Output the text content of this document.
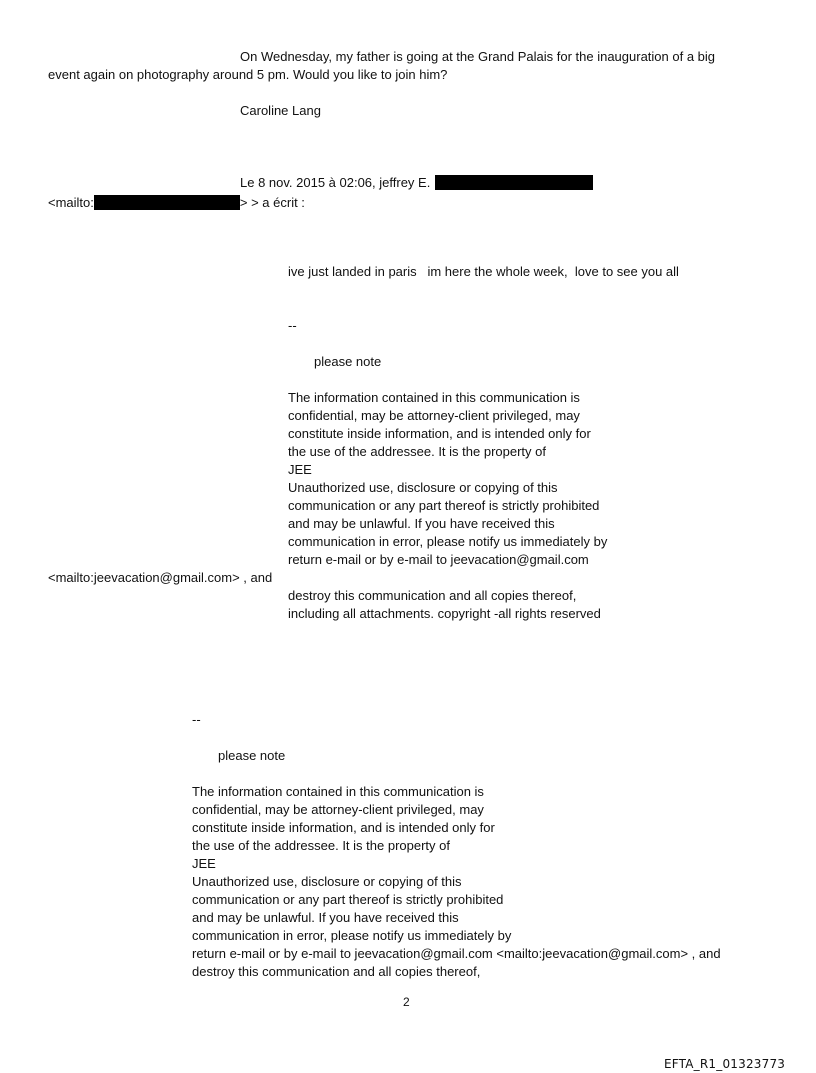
On Wednesday, my father is going at the Grand Palais for the inauguration of a big
event again on photography around 5 pm. Would you like to join him?
Caroline Lang
Le 8 nov. 2015 à 02:06, jeffrey E.
<mailto:	> > a écrit :
ive just landed in paris   im here the whole week,  love to see you all
--
please note
The information contained in this communication is
confidential, may be attorney-client privileged, may
constitute inside information, and is intended only for
the use of the addressee. It is the property of
JEE
Unauthorized use, disclosure or copying of this
communication or any part thereof is strictly prohibited
and may be unlawful. If you have received this
communication in error, please notify us immediately by
return e-mail or by e-mail to jeevacation@gmail.com
<mailto:jeevacation@gmail.com> , and
destroy this communication and all copies thereof,
including all attachments. copyright -all rights reserved
--
please note
The information contained in this communication is
confidential, may be attorney-client privileged, may
constitute inside information, and is intended only for
the use of the addressee. It is the property of
JEE
Unauthorized use, disclosure or copying of this
communication or any part thereof is strictly prohibited
and may be unlawful. If you have received this
communication in error, please notify us immediately by
return e-mail or by e-mail to jeevacation@gmail.com <mailto:jeevacation@gmail.com> , and
destroy this communication and all copies thereof,
2
EFTA_R1_01323773
